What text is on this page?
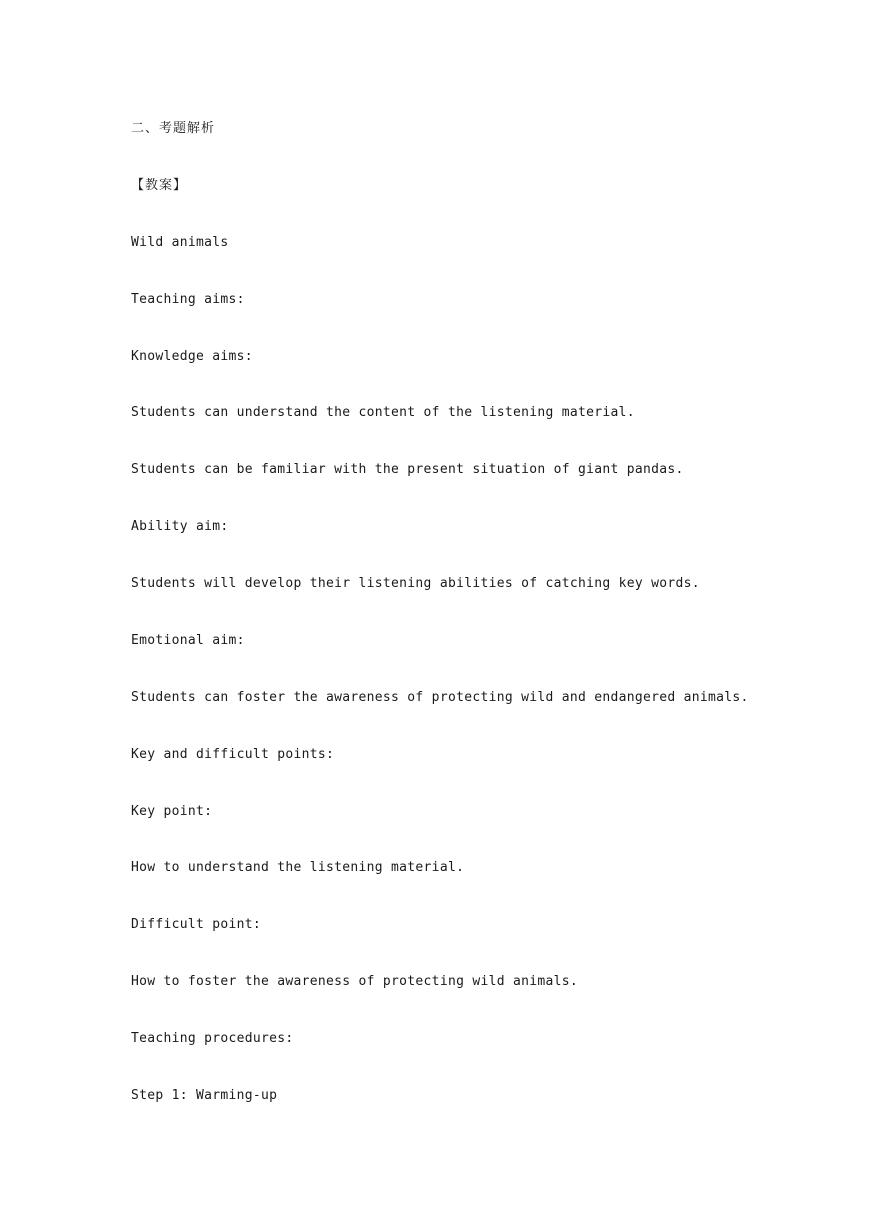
二、考题解析

【教案】

Wild animals

Teaching aims:

Knowledge aims:

Students can understand the content of the listening material.

Students can be familiar with the present situation of giant pandas.

Ability aim:

Students will develop their listening abilities of catching key words.

Emotional aim:

Students can foster the awareness of protecting wild and endangered animals.

Key and difficult points:

Key point:

How to understand the listening material.

Difficult point:

How to foster the awareness of protecting wild animals.

Teaching procedures:

Step 1: Warming-up
